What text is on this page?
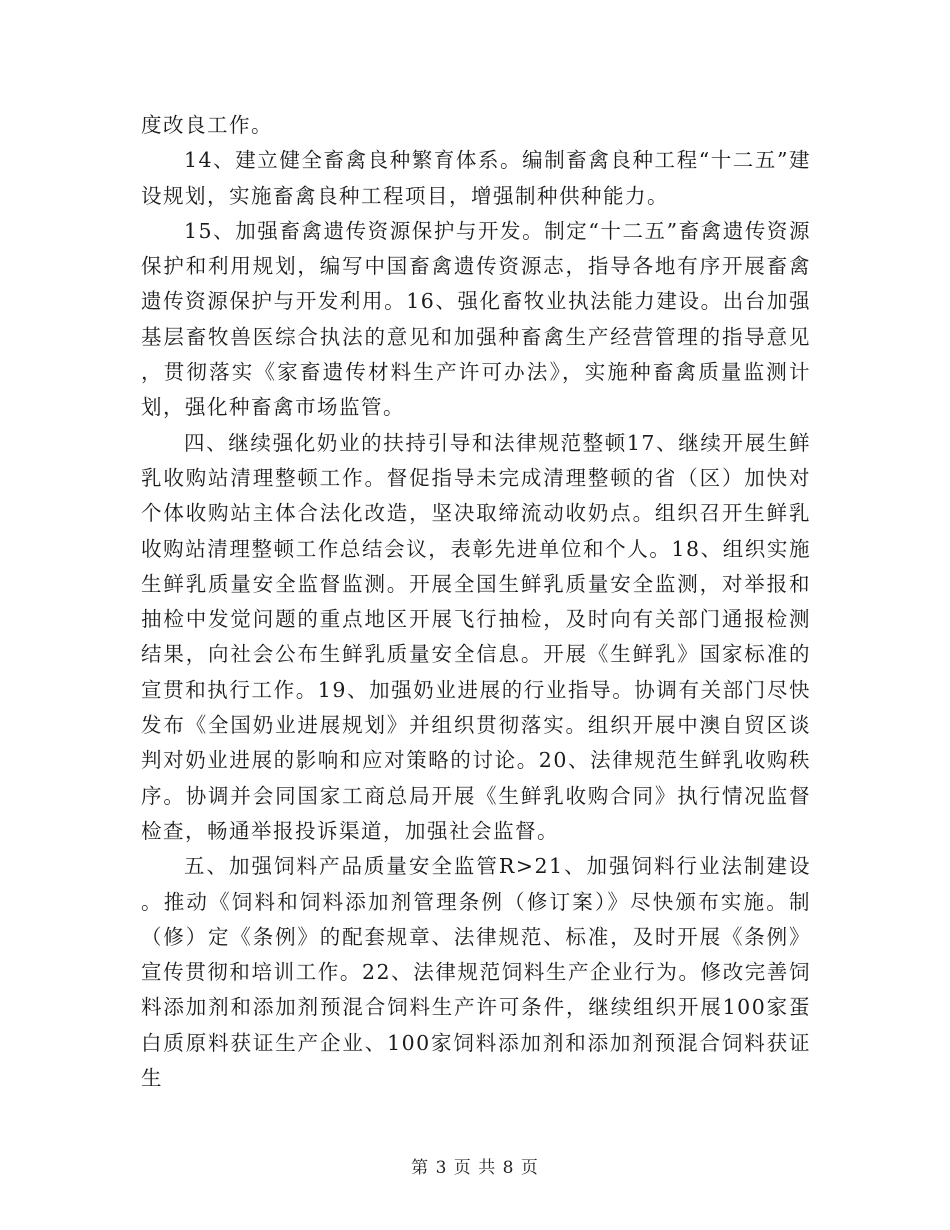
度改良工作。

14、建立健全畜禽良种繁育体系。编制畜禽良种工程“十二五”建设规划，实施畜禽良种工程项目，增强制种供种能力。

15、加强畜禽遗传资源保护与开发。制定“十二五”畜禽遗传资源保护和利用规划，编写中国畜禽遗传资源志，指导各地有序开展畜禽遗传资源保护与开发利用。16、强化畜牧业执法能力建设。出台加强基层畜牧兽医综合执法的意见和加强种畜禽生产经营管理的指导意见，贯彻落实《家畜遗传材料生产许可办法》，实施种畜禽质量监测计划，强化种畜禽市场监管。

四、继续强化奶业的扶持引导和法律规范整顿17、继续开展生鲜乳收购站清理整顿工作。督促指导未完成清理整顿的省（区）加快对个体收购站主体合法化改造，坚决取缔流动收奶点。组织召开生鲜乳收购站清理整顿工作总结会议，表彰先进单位和个人。18、组织实施生鲜乳质量安全监督监测。开展全国生鲜乳质量安全监测，对举报和抽检中发觉问题的重点地区开展飞行抽检，及时向有关部门通报检测结果，向社会公布生鲜乳质量安全信息。开展《生鲜乳》国家标准的宣贯和执行工作。19、加强奶业进展的行业指导。协调有关部门尽快发布《全国奶业进展规划》并组织贯彻落实。组织开展中澳自贸区谈判对奶业进展的影响和应对策略的讨论。20、法律规范生鲜乳收购秩序。协调并会同国家工商总局开展《生鲜乳收购合同》执行情况监督检查，畅通举报投诉渠道，加强社会监督。

五、加强饲料产品质量安全监管R>21、加强饲料行业法制建设。推动《饲料和饲料添加剂管理条例（修订案）》尽快颁布实施。制（修）定《条例》的配套规章、法律规范、标准，及时开展《条例》宣传贯彻和培训工作。22、法律规范饲料生产企业行为。修改完善饲料添加剂和添加剂预混合饲料生产许可条件，继续组织开展100家蛋白质原料获证生产企业、100家饲料添加剂和添加剂预混合饲料获证生

第 3 页 共 8 页
